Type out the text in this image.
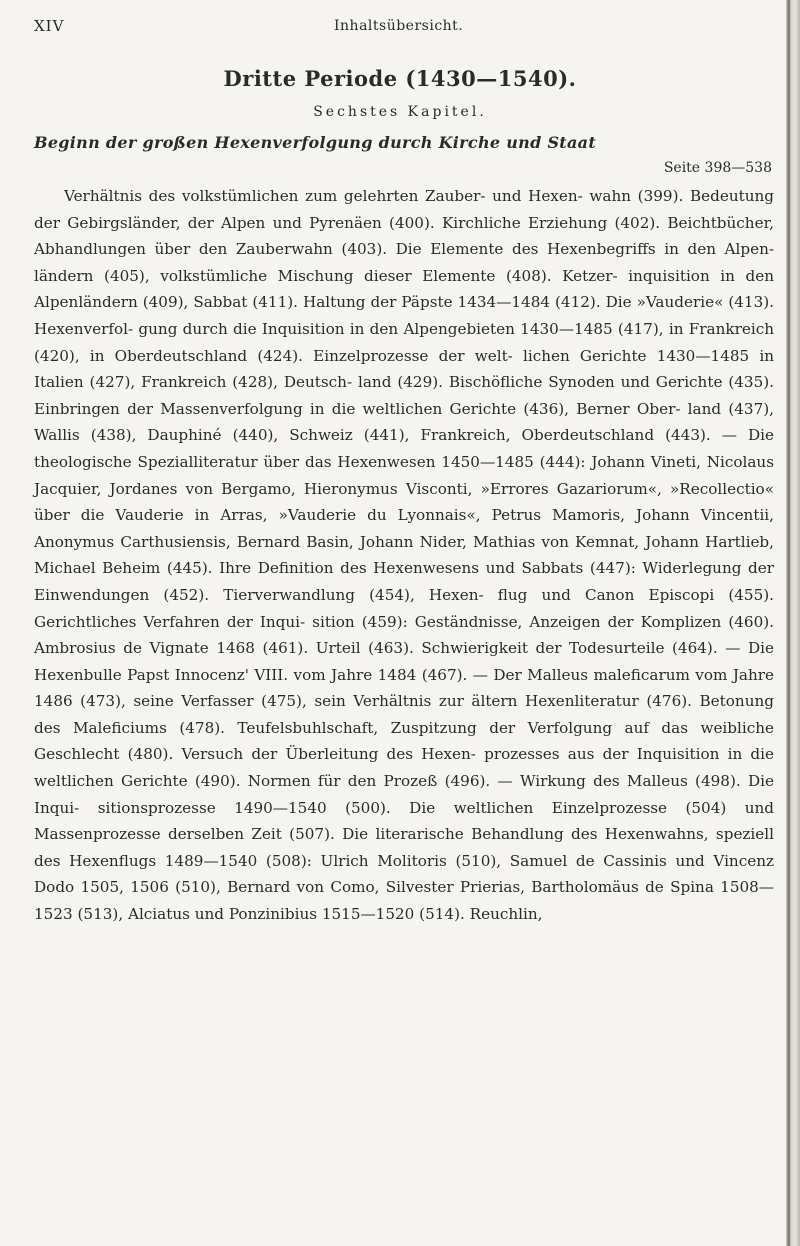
XIV	Inhaltsübersicht.
Dritte Periode (1430—1540).
Sechstes Kapitel.
Beginn der großen Hexenverfolgung durch Kirche und Staat
Seite 398—538

Verhältnis des volkstümlichen zum gelehrten Zauber- und Hexen- wahn (399). Bedeutung der Gebirgsländer, der Alpen und Pyrenäen (400). Kirchliche Erziehung (402). Beichtbücher, Abhandlungen über den Zauberwahn (403). Die Elemente des Hexenbegriffs in den Alpen- ländern (405), volkstümliche Mischung dieser Elemente (408). Ketzer- inquisition in den Alpenländern (409), Sabbat (411). Haltung der Päpste 1434—1484 (412). Die »Vauderie« (413). Hexenverfol- gung durch die Inquisition in den Alpengebieten 1430—1485 (417), in Frankreich (420), in Oberdeutschland (424). Einzelprozesse der welt- lichen Gerichte 1430—1485 in Italien (427), Frankreich (428), Deutsch- land (429). Bischöfliche Synoden und Gerichte (435). Einbringen der Massenverfolgung in die weltlichen Gerichte (436), Berner Ober- land (437), Wallis (438), Dauphiné (440), Schweiz (441), Frankreich, Oberdeutschland (443). — Die theologische Spezialliteratur über das Hexenwesen 1450—1485 (444): Johann Vineti, Nicolaus Jacquier, Jordanes von Bergamo, Hieronymus Visconti, »Errores Gazariorum«, »Recollectio« über die Vauderie in Arras, »Vauderie du Lyonnais«, Petrus Mamoris, Johann Vincentii, Anonymus Carthusiensis, Bernard Basin, Johann Nider, Mathias von Kemnat, Johann Hartlieb, Michael Beheim (445). Ihre Definition des Hexenwesens und Sabbats (447): Widerlegung der Einwendungen (452). Tierverwandlung (454), Hexen- flug und Canon Episcopi (455). Gerichtliches Verfahren der Inqui- sition (459): Geständnisse, Anzeigen der Komplizen (460). Ambrosius de Vignate 1468 (461). Urteil (463). Schwierigkeit der Todesurteile (464). — Die Hexenbulle Papst Innocenz' VIII. vom Jahre 1484 (467). — Der Malleus maleficarum vom Jahre 1486 (473), seine Verfasser (475), sein Verhältnis zur ältern Hexenliteratur (476). Betonung des Maleficiums (478). Teufelsbuhlschaft, Zuspitzung der Verfolgung auf das weibliche Geschlecht (480). Versuch der Überleitung des Hexen- prozesses aus der Inquisition in die weltlichen Gerichte (490). Normen für den Prozeß (496). — Wirkung des Malleus (498). Die Inqui- sitionsprozesse 1490—1540 (500). Die weltlichen Einzelprozesse (504) und Massenprozesse derselben Zeit (507). Die literarische Behandlung des Hexenwahns, speziell des Hexenflugs 1489—1540 (508): Ulrich Molitoris (510), Samuel de Cassinis und Vincenz Dodo 1505, 1506 (510), Bernard von Como, Silvester Prierias, Bartholomäus de Spina 1508—1523 (513), Alciatus und Ponzinibius 1515—1520 (514). Reuchlin,
